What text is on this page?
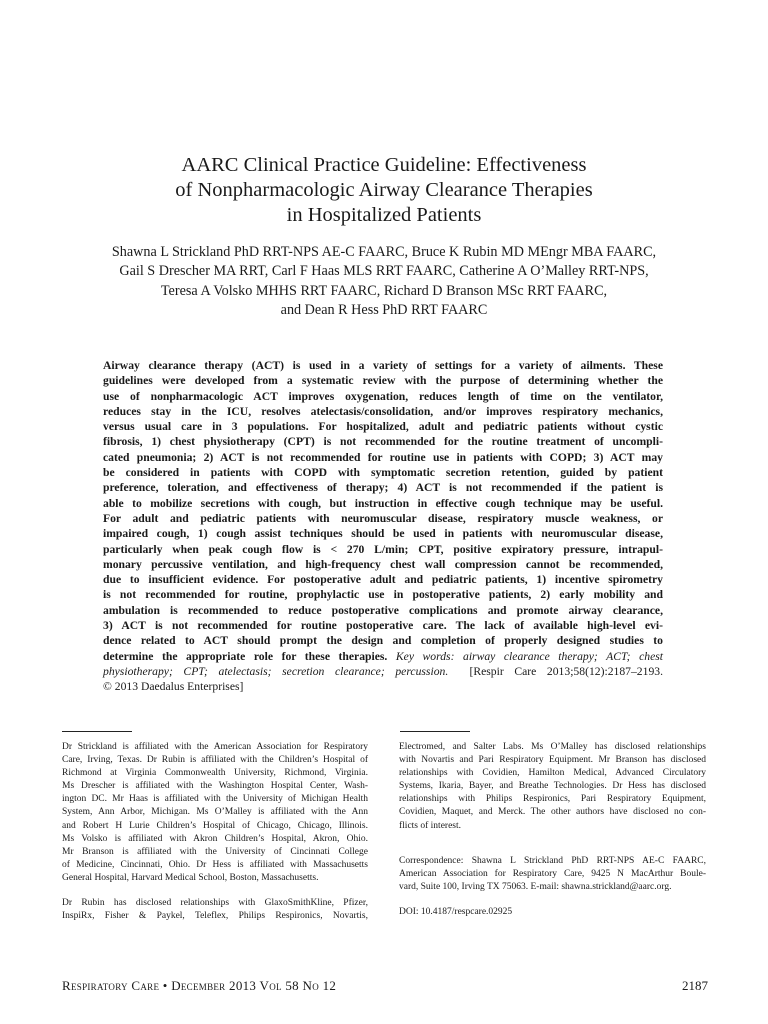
AARC Clinical Practice Guideline: Effectiveness
of Nonpharmacologic Airway Clearance Therapies
in Hospitalized Patients
Shawna L Strickland PhD RRT-NPS AE-C FAARC, Bruce K Rubin MD MEngr MBA FAARC,
Gail S Drescher MA RRT, Carl F Haas MLS RRT FAARC, Catherine A O’Malley RRT-NPS,
Teresa A Volsko MHHS RRT FAARC, Richard D Branson MSc RRT FAARC,
and Dean R Hess PhD RRT FAARC
Airway clearance therapy (ACT) is used in a variety of settings for a variety of ailments. These
guidelines were developed from a systematic review with the purpose of determining whether the
use of nonpharmacologic ACT improves oxygenation, reduces length of time on the ventilator,
reduces stay in the ICU, resolves atelectasis/consolidation, and/or improves respiratory mechanics,
versus usual care in 3 populations. For hospitalized, adult and pediatric patients without cystic
fibrosis, 1) chest physiotherapy (CPT) is not recommended for the routine treatment of uncompli-
cated pneumonia; 2) ACT is not recommended for routine use in patients with COPD; 3) ACT may
be considered in patients with COPD with symptomatic secretion retention, guided by patient
preference, toleration, and effectiveness of therapy; 4) ACT is not recommended if the patient is
able to mobilize secretions with cough, but instruction in effective cough technique may be useful.
For adult and pediatric patients with neuromuscular disease, respiratory muscle weakness, or
impaired cough, 1) cough assist techniques should be used in patients with neuromuscular disease,
particularly when peak cough flow is < 270 L/min; CPT, positive expiratory pressure, intrapul-
monary percussive ventilation, and high-frequency chest wall compression cannot be recommended,
due to insufficient evidence. For postoperative adult and pediatric patients, 1) incentive spirometry
is not recommended for routine, prophylactic use in postoperative patients, 2) early mobility and
ambulation is recommended to reduce postoperative complications and promote airway clearance,
3) ACT is not recommended for routine postoperative care. The lack of available high-level evi-
dence related to ACT should prompt the design and completion of properly designed studies to
determine the appropriate role for these therapies. Key words: airway clearance therapy; ACT; chest
physiotherapy; CPT; atelectasis; secretion clearance; percussion. [Respir Care 2013;58(12):2187–2193.
© 2013 Daedalus Enterprises]
Dr Strickland is affiliated with the American Association for Respiratory
Care, Irving, Texas. Dr Rubin is affiliated with the Children’s Hospital of
Richmond at Virginia Commonwealth University, Richmond, Virginia.
Ms Drescher is affiliated with the Washington Hospital Center, Wash-
ington DC. Mr Haas is affiliated with the University of Michigan Health
System, Ann Arbor, Michigan. Ms O’Malley is affiliated with the Ann
and Robert H Lurie Children’s Hospital of Chicago, Chicago, Illinois.
Ms Volsko is affiliated with Akron Children’s Hospital, Akron, Ohio.
Mr Branson is affiliated with the University of Cincinnati College
of Medicine, Cincinnati, Ohio. Dr Hess is affiliated with Massachusetts
General Hospital, Harvard Medical School, Boston, Massachusetts.
Dr Rubin has disclosed relationships with GlaxoSmithKline, Pfizer,
InspiRx, Fisher & Paykel, Teleflex, Philips Respironics, Novartis,
Electromed, and Salter Labs. Ms O’Malley has disclosed relationships
with Novartis and Pari Respiratory Equipment. Mr Branson has disclosed
relationships with Covidien, Hamilton Medical, Advanced Circulatory
Systems, Ikaria, Bayer, and Breathe Technologies. Dr Hess has disclosed
relationships with Philips Respironics, Pari Respiratory Equipment,
Covidien, Maquet, and Merck. The other authors have disclosed no con-
flicts of interest.
Correspondence: Shawna L Strickland PhD RRT-NPS AE-C FAARC,
American Association for Respiratory Care, 9425 N MacArthur Boule-
vard, Suite 100, Irving TX 75063. E-mail: shawna.strickland@aarc.org.
DOI: 10.4187/respcare.02925
Respiratory Care • December 2013 Vol 58 No 12	2187
